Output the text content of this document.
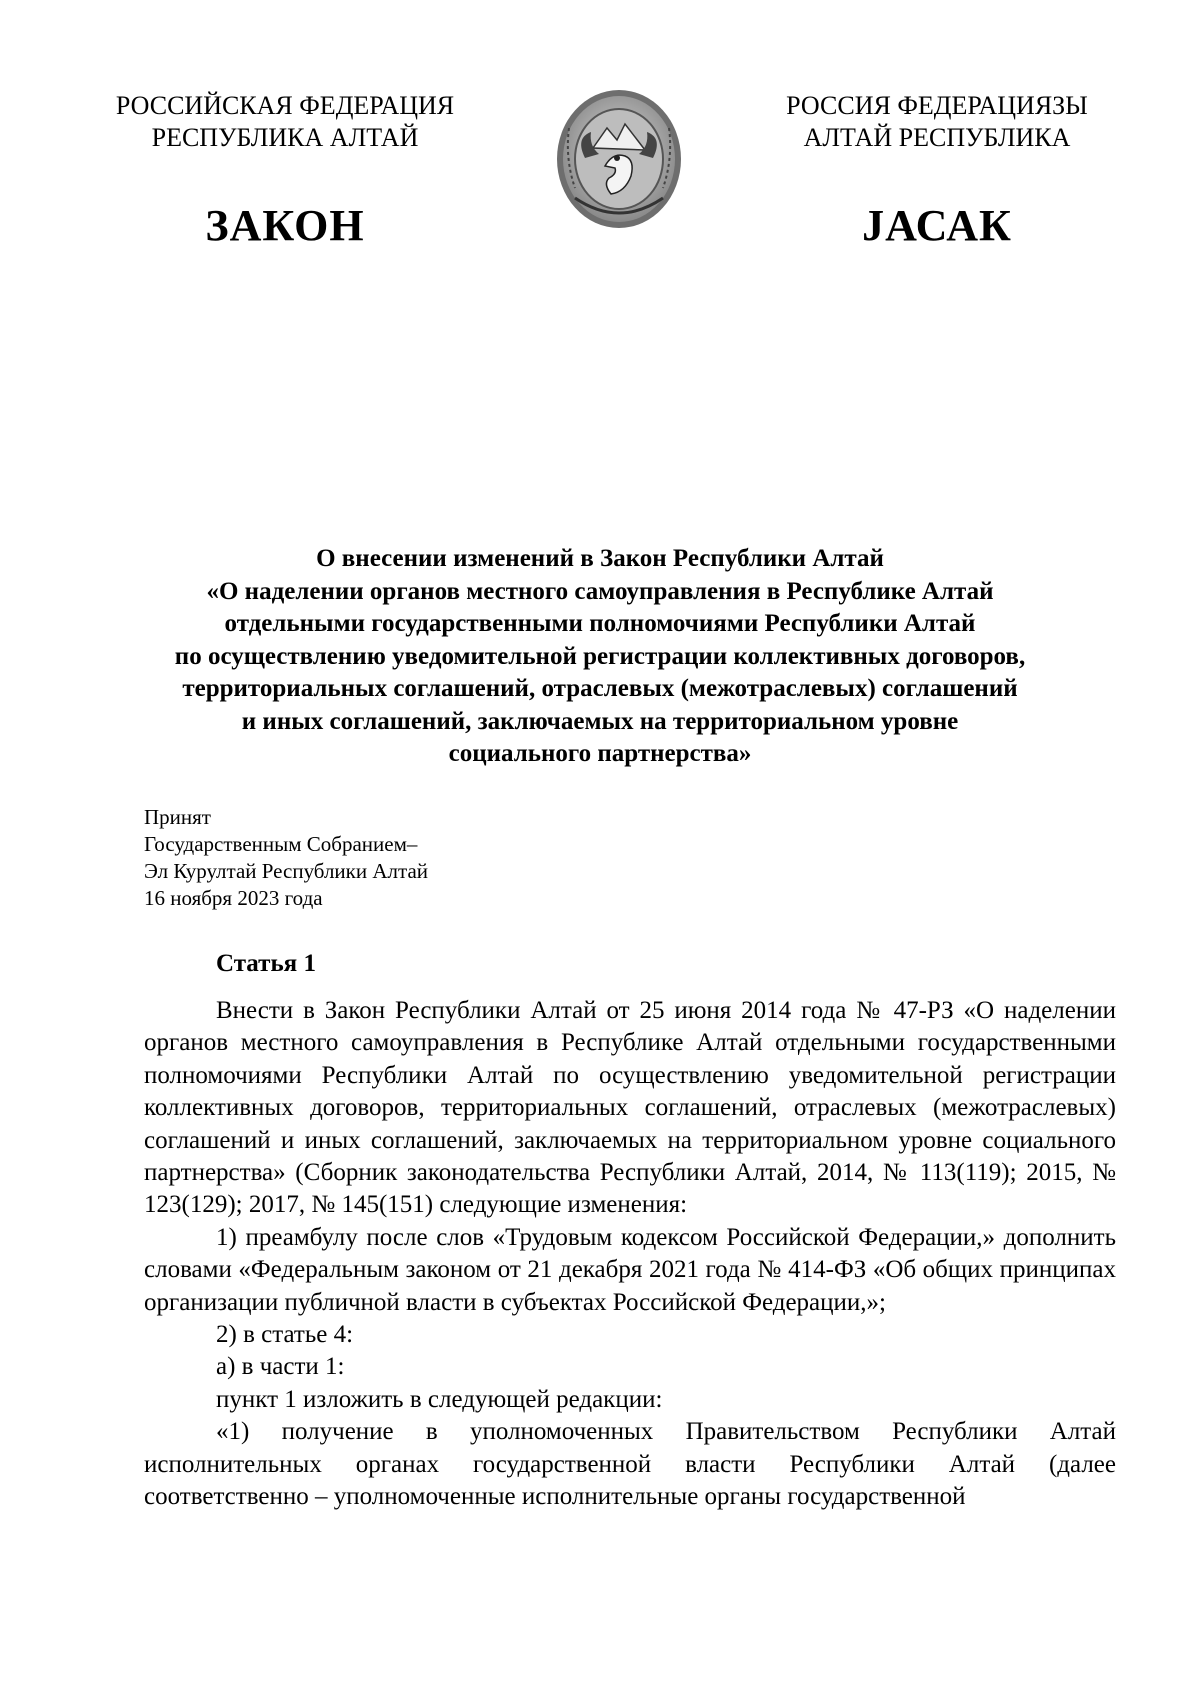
РОССИЙСКАЯ ФЕДЕРАЦИЯ
РЕСПУБЛИКА АЛТАЙ
РОССИЯ ФЕДЕРАЦИЯЗЫ
АЛТАЙ РЕСПУБЛИКА
ЗАКОН	JАСАК
О внесении изменений в Закон Республики Алтай
«О наделении органов местного самоуправления в Республике Алтай
отдельными государственными полномочиями Республики Алтай
по осуществлению уведомительной регистрации коллективных договоров,
территориальных соглашений, отраслевых (межотраслевых) соглашений
и иных соглашений, заключаемых на территориальном уровне
социального партнерства»
Принят
Государственным Собранием–
Эл Курултай Республики Алтай
16 ноября 2023 года
Статья 1

Внести в Закон Республики Алтай от 25 июня 2014 года № 47-РЗ «О наделении органов местного самоуправления в Республике Алтай отдельными государственными полномочиями Республики Алтай по осуществлению уведомительной регистрации коллективных договоров, территориальных соглашений, отраслевых (межотраслевых) соглашений и иных соглашений, заключаемых на территориальном уровне социального партнерства» (Сборник законодательства Республики Алтай, 2014, № 113(119); 2015, № 123(129); 2017, № 145(151) следующие изменения:

1) преамбулу после слов «Трудовым кодексом Российской Федерации,» дополнить словами «Федеральным законом от 21 декабря 2021 года № 414-ФЗ «Об общих принципах организации публичной власти в субъектах Российской Федерации,»;

2) в статье 4:

а) в части 1:

пункт 1 изложить в следующей редакции:

«1) получение в уполномоченных Правительством Республики Алтай исполнительных органах государственной власти Республики Алтай (далее соответственно – уполномоченные исполнительные органы государственной
